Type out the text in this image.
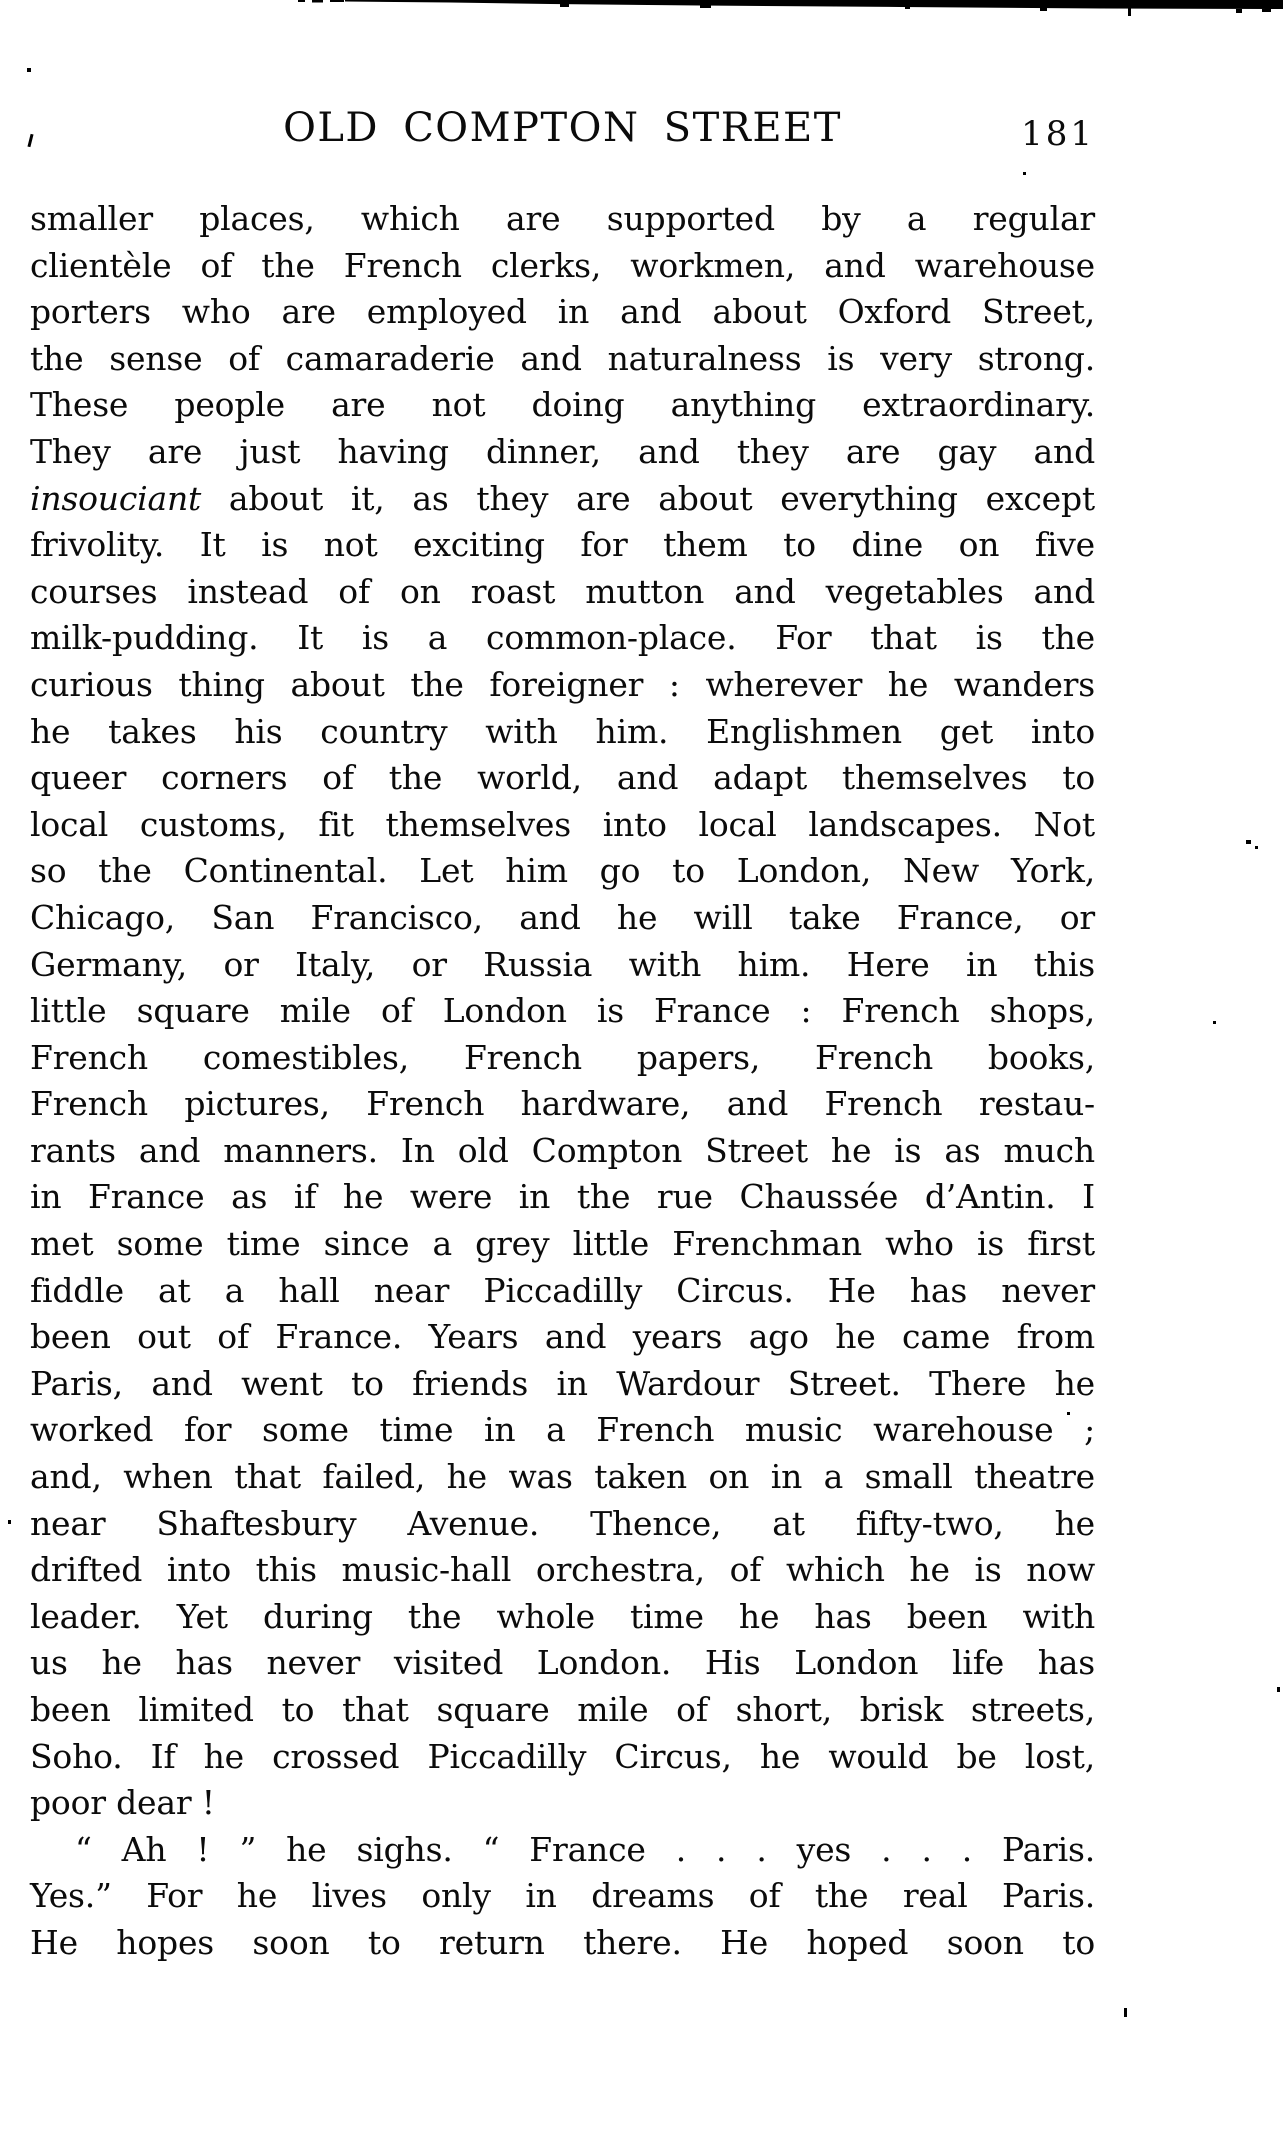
OLD COMPTON STREET	181
smaller places, which are supported by a regular
clientèle of the French clerks, workmen, and warehouse
porters who are employed in and about Oxford Street,
the sense of camaraderie and naturalness is very strong.
These people are not doing anything extraordinary.
They are just having dinner, and they are gay and
insouciant about it, as they are about everything except
frivolity. It is not exciting for them to dine on five
courses instead of on roast mutton and vegetables and
milk-pudding. It is a common-place. For that is the
curious thing about the foreigner : wherever he wanders
he takes his country with him. Englishmen get into
queer corners of the world, and adapt themselves to
local customs, fit themselves into local landscapes. Not
so the Continental. Let him go to London, New York,
Chicago, San Francisco, and he will take France, or
Germany, or Italy, or Russia with him. Here in this
little square mile of London is France : French shops,
French comestibles, French papers, French books,
French pictures, French hardware, and French restau-
rants and manners. In old Compton Street he is as much
in France as if he were in the rue Chaussée d’Antin. I
met some time since a grey little Frenchman who is first
fiddle at a hall near Piccadilly Circus. He has never
been out of France. Years and years ago he came from
Paris, and went to friends in Wardour Street. There he
worked for some time in a French music warehouse ;
and, when that failed, he was taken on in a small theatre
near Shaftesbury Avenue. Thence, at fifty-two, he
drifted into this music-hall orchestra, of which he is now
leader. Yet during the whole time he has been with
us he has never visited London. His London life has
been limited to that square mile of short, brisk streets,
Soho. If he crossed Piccadilly Circus, he would be lost,
poor dear !
“ Ah ! ” he sighs. “ France . . . yes . . . Paris.
Yes.” For he lives only in dreams of the real Paris.
He hopes soon to return there. He hoped soon to
